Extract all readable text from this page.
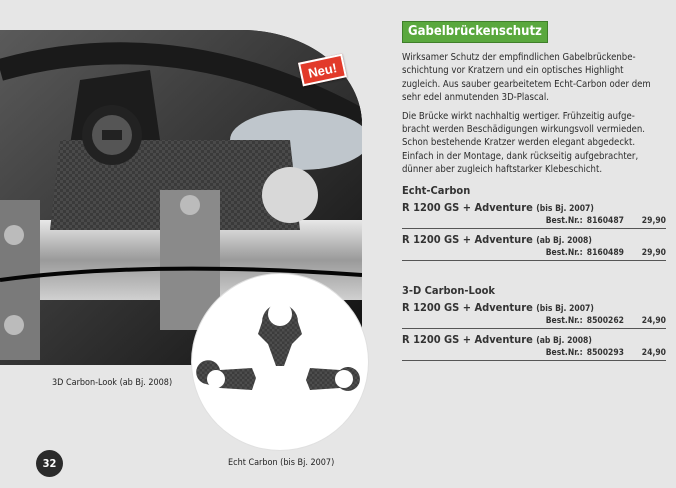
Neu!
3D Carbon-Look (ab Bj. 2008)
Echt Carbon (bis Bj. 2007)
32
Gabelbrückenschutz

Wirksamer Schutz der empfindlichen Gabelbrückenbe-
schichtung vor Kratzern und ein optisches Highlight
zugleich. Aus sauber gearbeitetem Echt-Carbon oder dem
sehr edel anmutenden 3D-Plascal.

Die Brücke wirkt nachhaltig wertiger. Frühzeitig aufge-
bracht werden Beschädigungen wirkungsvoll vermieden.
Schon bestehende Kratzer werden elegant abgedeckt.
Einfach in der Montage, dank rückseitig aufgebrachter,
dünner aber zugleich haftstarker Klebeschicht.

Echt-Carbon
R 1200 GS + Adventure (bis Bj. 2007)
Best.Nr.: 8160487	29,90
R 1200 GS + Adventure (ab Bj. 2008)
Best.Nr.: 8160489	29,90
3-D Carbon-Look
R 1200 GS + Adventure (bis Bj. 2007)
Best.Nr.: 8500262	24,90
R 1200 GS + Adventure (ab Bj. 2008)
Best.Nr.: 8500293	24,90
